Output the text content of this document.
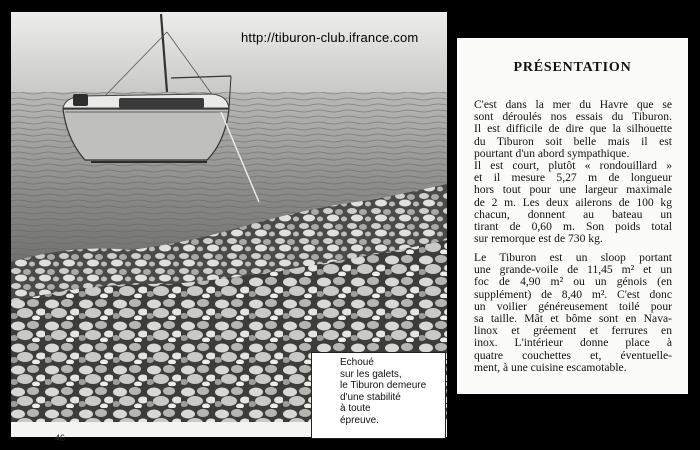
http://tiburon-club.ifrance.com
Echoué
sur les galets,
le Tiburon demeure
d'une stabilité
à toute
épreuve.
46
PRÉSENTATION
C'est dans la mer du Havre que se
sont déroulés nos essais du Tiburon.
Il est difficile de dire que la silhouette
du Tiburon soit belle mais il est
pourtant d'un abord sympathique.
Il est court, plutôt « rondouillard »
et il mesure 5,27 m de longueur
hors tout pour une largeur maximale
de 2 m. Les deux ailerons de 100 kg
chacun, donnent au bateau un
tirant de 0,60 m. Son poids total
sur remorque est de 730 kg.
Le Tiburon est un sloop portant
une grande-voile de 11,45 m² et un
foc de 4,90 m² ou un génois (en
supplément) de 8,40 m². C'est donc
un voilier généreusement toilé pour
sa taille. Mât et bôme sont en Nava-
linox et gréement et ferrures en
inox. L'intérieur donne place à
quatre couchettes et, éventuelle-
ment, à une cuisine escamotable.
